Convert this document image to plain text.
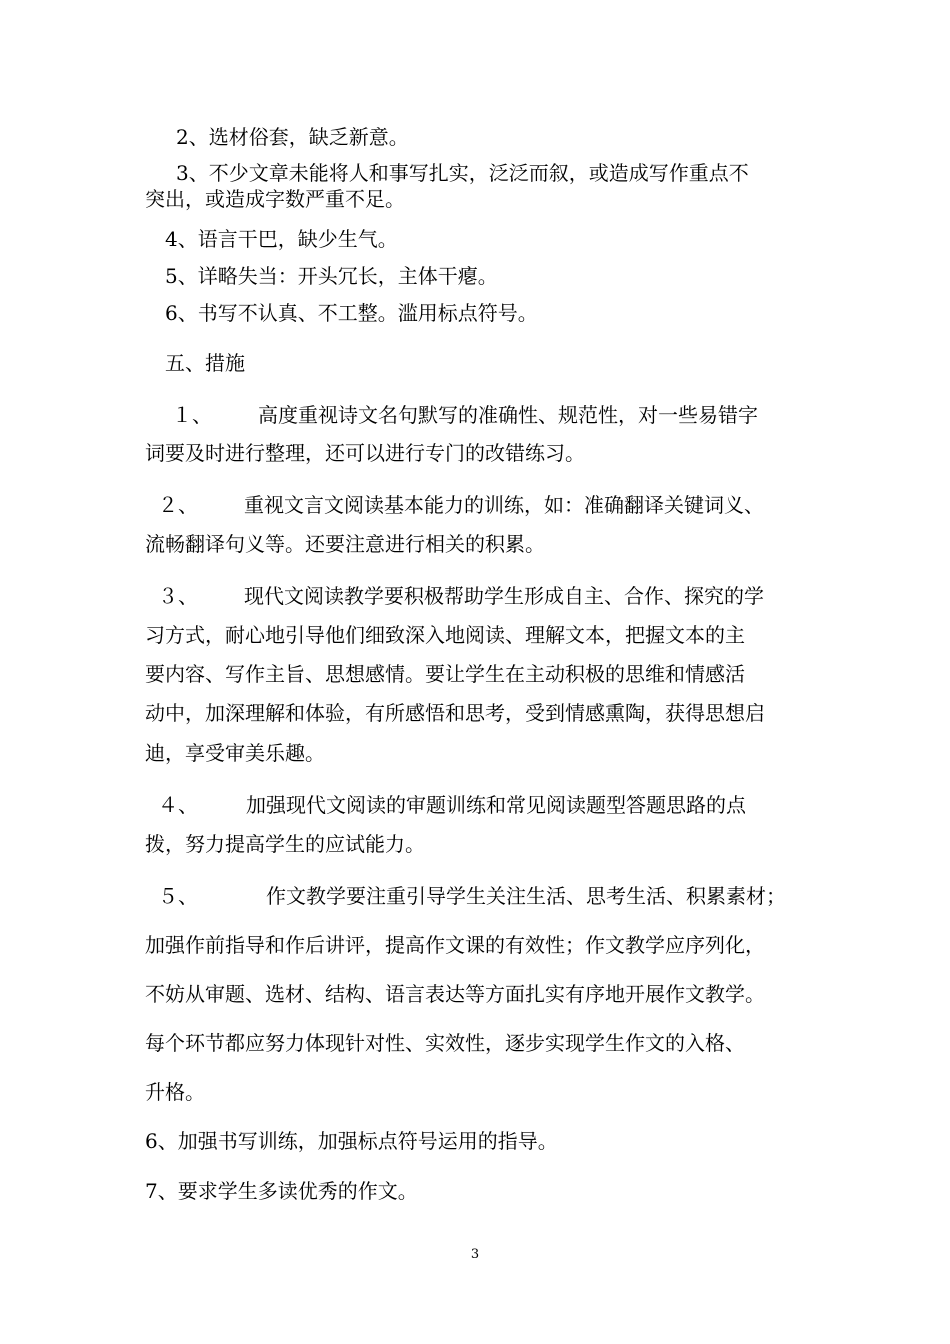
2、选材俗套，缺乏新意。
3、不少文章未能将人和事写扎实，泛泛而叙，或造成写作重点不
突出，或造成字数严重不足。
4、语言干巴，缺少生气。
5、详略失当：开头冗长，主体干瘪。
6、书写不认真、不工整。滥用标点符号。
五、措施
１、 高度重视诗文名句默写的准确性、规范性，对一些易错字
词要及时进行整理，还可以进行专门的改错练习。
２、 重视文言文阅读基本能力的训练，如：准确翻译关键词义、
流畅翻译句义等。还要注意进行相关的积累。
３、 现代文阅读教学要积极帮助学生形成自主、合作、探究的学
习方式，耐心地引导他们细致深入地阅读、理解文本，把握文本的主
要内容、写作主旨、思想感情。要让学生在主动积极的思维和情感活
动中，加深理解和体验，有所感悟和思考，受到情感熏陶，获得思想启
迪，享受审美乐趣。
４、 加强现代文阅读的审题训练和常见阅读题型答题思路的点
拨，努力提高学生的应试能力。
５、	作文教学要注重引导学生关注生活、思考生活、积累素材；
加强作前指导和作后讲评，提高作文课的有效性；作文教学应序列化，
不妨从审题、选材、结构、语言表达等方面扎实有序地开展作文教学。
每个环节都应努力体现针对性、实效性，逐步实现学生作文的入格、
升格。
6、加强书写训练，加强标点符号运用的指导。
7、要求学生多读优秀的作文。
3
